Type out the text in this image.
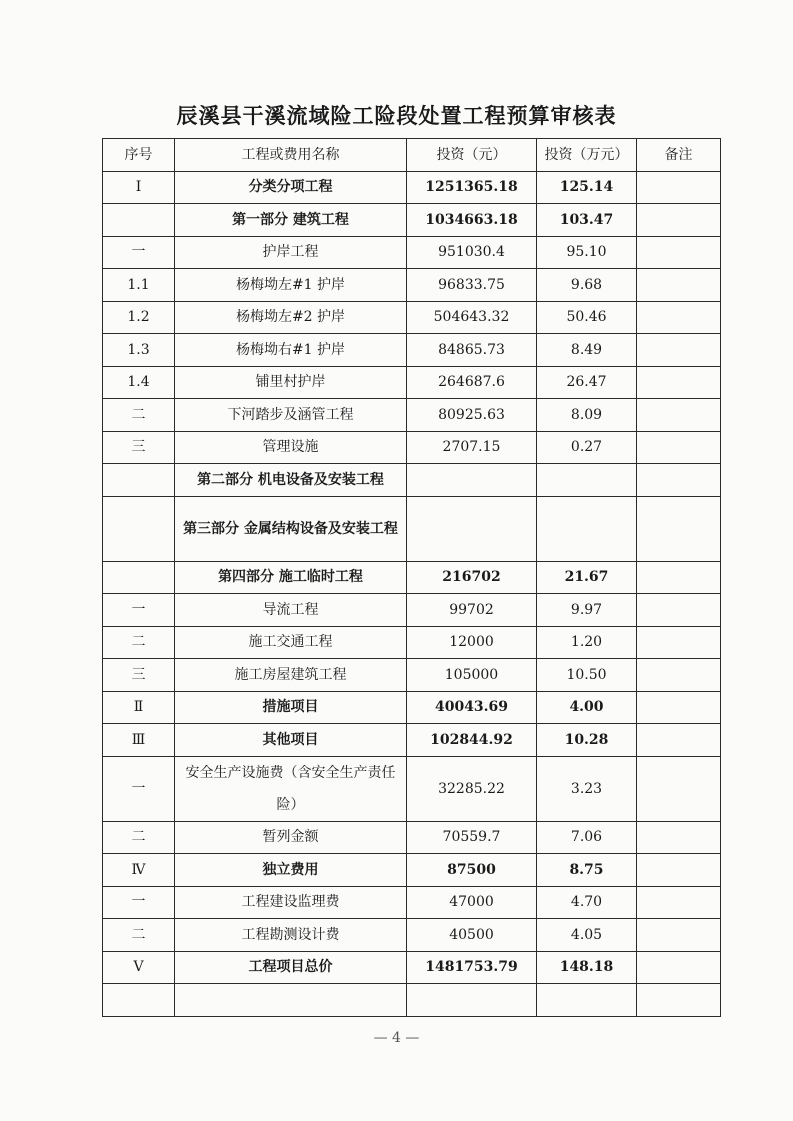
辰溪县干溪流域险工险段处置工程预算审核表
序号	工程或费用名称	投资（元）	投资（万元）	备注
Ⅰ	分类分项工程	1251365.18	125.14	
	第一部分 建筑工程	1034663.18	103.47	
一	护岸工程	951030.4	95.10	
1.1	杨梅坳左#1 护岸	96833.75	9.68	
1.2	杨梅坳左#2 护岸	504643.32	50.46	
1.3	杨梅坳右#1 护岸	84865.73	8.49	
1.4	铺里村护岸	264687.6	26.47	
二	下河踏步及涵管工程	80925.63	8.09	
三	管理设施	2707.15	0.27	
	第二部分 机电设备及安装工程			
	第三部分 金属结构设备及安装工程			
	第四部分 施工临时工程	216702	21.67	
一	导流工程	99702	9.97	
二	施工交通工程	12000	1.20	
三	施工房屋建筑工程	105000	10.50	
Ⅱ	措施项目	40043.69	4.00	
Ⅲ	其他项目	102844.92	10.28	
一	安全生产设施费（含安全生产责任险）	32285.22	3.23	
二	暂列金额	70559.7	7.06	
Ⅳ	独立费用	87500	8.75	
一	工程建设监理费	47000	4.70	
二	工程勘测设计费	40500	4.05	
Ⅴ	工程项目总价	1481753.79	148.18	

— 4 —
